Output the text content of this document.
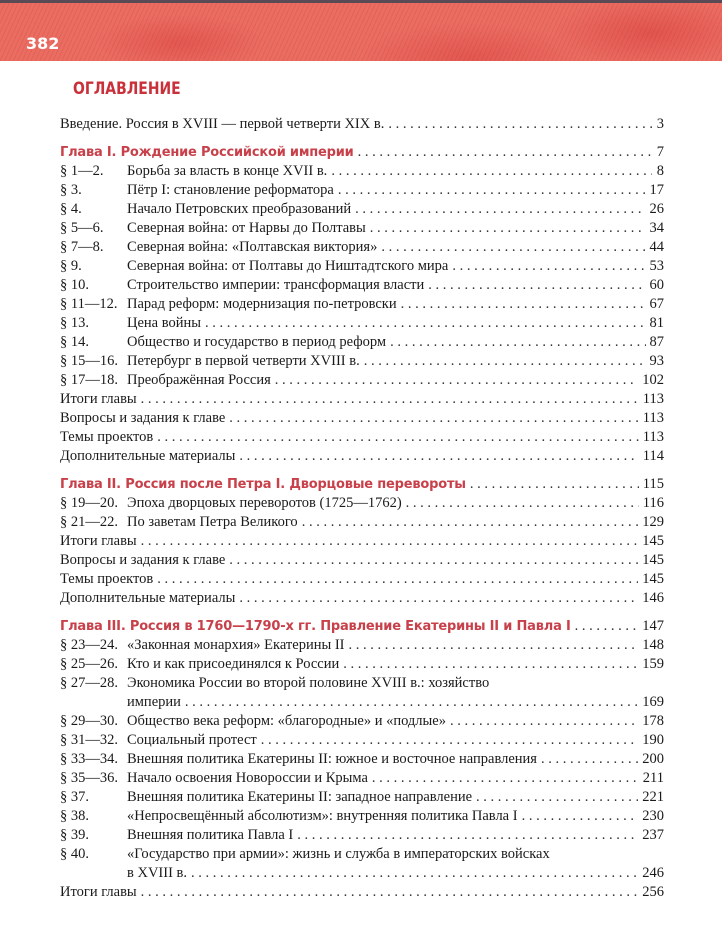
382
ОГЛАВЛЕНИЕ
Введение. Россия в XVIII — первой четверти XIX в. . . .	3
Глава I. Рождение Российской империи . . .	7
§ 1—2.	Борьба за власть в конце XVII в. . . .	8
§ 3.	Пётр I: становление реформатора . . .	17
§ 4.	Начало Петровских преобразований . . .	26
§ 5—6.	Северная война: от Нарвы до Полтавы . . .	34
§ 7—8.	Северная война: «Полтавская виктория» . . .	44
§ 9.	Северная война: от Полтавы до Ништадтского мира . . .	53
§ 10.	Строительство империи: трансформация власти . . .	60
§ 11—12. Парад реформ: модернизация по-петровски . . .	67
§ 13.	Цена войны . . .	81
§ 14.	Общество и государство в период реформ . . .	87
§ 15—16. Петербург в первой четверти XVIII в. . . .	93
§ 17—18. Преображённая Россия . . .	102
Итоги главы . . .	113
Вопросы и задания к главе . . .	113
Темы проектов . . .	113
Дополнительные материалы . . .	114
Глава II. Россия после Петра I. Дворцовые перевороты . . .	115
§ 19—20. Эпоха дворцовых переворотов (1725—1762) . . .	116
§ 21—22. По заветам Петра Великого . . .	129
Итоги главы . . .	145
Вопросы и задания к главе . . .	145
Темы проектов . . .	145
Дополнительные материалы . . .	146
Глава III. Россия в 1760—1790-х гг. Правление Екатерины II и Павла I . . .	147
§ 23—24. «Законная монархия» Екатерины II . . .	148
§ 25—26. Кто и как присоединялся к России . . .	159
§ 27—28. Экономика России во второй половине XVIII в.: хозяйство
империи . . .	169
§ 29—30. Общество века реформ: «благородные» и «подлые» . . .	178
§ 31—32. Социальный протест . . .	190
§ 33—34. Внешняя политика Екатерины II: южное и восточное направления . . .	200
§ 35—36. Начало освоения Новороссии и Крыма . . .	211
§ 37.	Внешняя политика Екатерины II: западное направление . . .	221
§ 38.	«Непросвещённый абсолютизм»: внутренняя политика Павла I . . .	230
§ 39.	Внешняя политика Павла I . . .	237
§ 40.	«Государство при армии»: жизнь и служба в императорских войсках
в XVIII в. . . .	246
Итоги главы . . .	256
